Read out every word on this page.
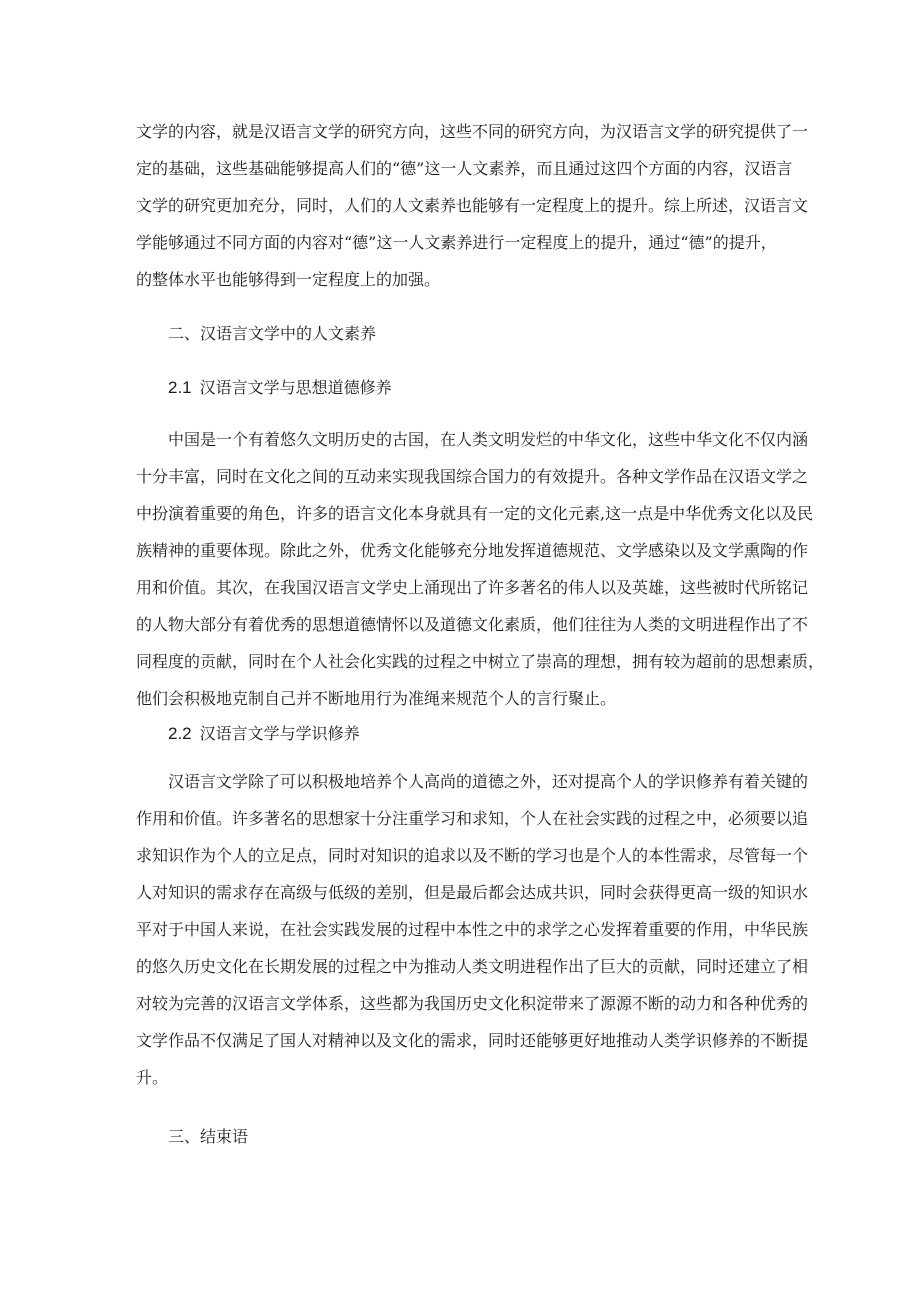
文学的内容，就是汉语言文学的研究方向，这些不同的研究方向，为汉语言文学的研究提供了一
定的基础，这些基础能够提高人们的“德”这一人文素养，而且通过这四个方面的内容，汉语言
文学的研究更加充分，同时，人们的人文素养也能够有一定程度上的提升。综上所述，汉语言文
学能够通过不同方面的内容对“德”这一人文素养进行一定程度上的提升，通过“德”的提升，
的整体水平也能够得到一定程度上的加强。
二、汉语言文学中的人文素养
2.1 汉语言文学与思想道德修养
中国是一个有着悠久文明历史的古国，在人类文明发烂的中华文化，这些中华文化不仅内涵
十分丰富，同时在文化之间的互动来实现我国综合国力的有效提升。各种文学作品在汉语文学之
中扮演着重要的角色，许多的语言文化本身就具有一定的文化元素,这一点是中华优秀文化以及民
族精神的重要体现。除此之外，优秀文化能够充分地发挥道德规范、文学感染以及文学熏陶的作
用和价值。其次，在我国汉语言文学史上涌现出了许多著名的伟人以及英雄，这些被时代所铭记
的人物大部分有着优秀的思想道德情怀以及道德文化素质，他们往往为人类的文明进程作出了不
同程度的贡献，同时在个人社会化实践的过程之中树立了崇高的理想，拥有较为超前的思想素质，
他们会积极地克制自己并不断地用行为准绳来规范个人的言行聚止。
2.2 汉语言文学与学识修养
汉语言文学除了可以积极地培养个人高尚的道德之外，还对提高个人的学识修养有着关键的
作用和价值。许多著名的思想家十分注重学习和求知，个人在社会实践的过程之中，必须要以追
求知识作为个人的立足点，同时对知识的追求以及不断的学习也是个人的本性需求，尽管每一个
人对知识的需求存在高级与低级的差别，但是最后都会达成共识，同时会获得更高一级的知识水
平对于中国人来说，在社会实践发展的过程中本性之中的求学之心发挥着重要的作用，中华民族
的悠久历史文化在长期发展的过程之中为推动人类文明进程作出了巨大的贡献，同时还建立了相
对较为完善的汉语言文学体系，这些都为我国历史文化积淀带来了源源不断的动力和各种优秀的
文学作品不仅满足了国人对精神以及文化的需求，同时还能够更好地推动人类学识修养的不断提
升。
三、结束语
